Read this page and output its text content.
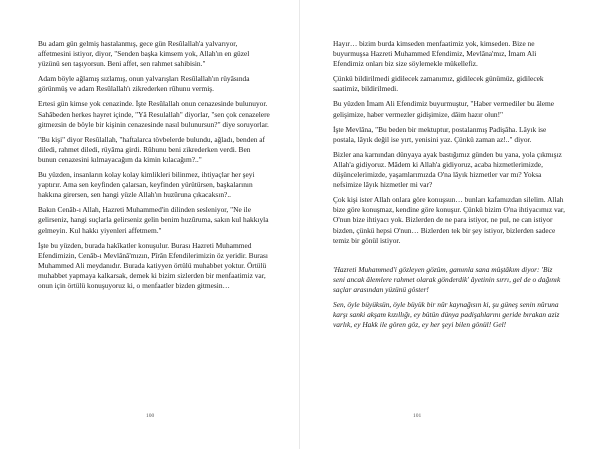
Bu adam gün gelmiş hastalanmış, gece gün Resûlallah'a yalvarıyor, affetmesini istiyor, diyor, "Senden başka kimsem yok, Allah'ın en güzel yüzünü sen taşıyorsun. Beni affet, sen rahmet sahibisin."

Adam böyle ağlamış sızlamış, onun yalvarışları Resûlallah'ın rüyâsında görünmüş ve adam Resûlallah'ı zikrederken rûhunu vermiş.

Ertesi gün kimse yok cenazinde. İşte Resûlallah onun cenazesinde bulunuyor. Sahâbeden herkes hayret içinde, "Yâ Resulallah" diyorlar, "sen çok cenazelere gitmezsin de böyle bir kişinin cenazesinde nasıl bulunursun?" diye soruyorlar.

"Bu kişi" diyor Resûlallah, "haftalarca tövbelerde bulundu, ağladı, benden af diledi, rahmet diledi, rüyâma girdi. Rûhunu beni zikrederken verdi. Ben bunun cenazesini kılmayacağım da kimin kılacağım?.."

Bu yüzden, insanların kolay kolay kimlikleri bilinmez, ihtiyaçlar her şeyi yaptırır. Ama sen keyfinden çalarsan, keyfinden yürütürsen, başkalarının hakkına girersen, sen hangi yüzle Allah'ın huzûruna çıkacaksın?..

Bakın Cenâb-ı Allah, Hazreti Muhammed'in dilinden sesleniyor, "Ne ile gelirseniz, hangi suçlarla gelirseniz gelin benim huzûruma, sakın kul hakkıyla gelmeyin. Kul hakkı yiyenleri affetmem."

İşte bu yüzden, burada hakîkatler konuşulur. Burası Hazreti Muhammed Efendimizin, Cenâb-ı Mevlânâ'mızın, Pîrân Efendilerimizin öz yeridir. Burası Muhammed Ali meydanıdır. Burada katiyyen örtülü muhabbet yoktur. Örtülü muhabbet yapmaya kalkarsak, demek ki bizim sizlerden bir menfaatimiz var, onun için örtülü konuşuyoruz ki, o menfaatler bizden gitmesin…

100

Hayır… bizim burda kimseden menfaatimiz yok, kimseden. Bize ne buyurmuşsa Hazreti Muhammed Efendimiz, Mevlâna'mız, İmam Ali Efendimiz onları biz size söylemekle mükellefiz.

Çünkü bildirilmedi gidilecek zamanımız, gidilecek günümüz, gidilecek saatimiz, bildirilmedi.

Bu yüzden İmam Ali Efendimiz buyurmuştur, "Haber vermediler bu âleme gelişimize, haber vermezler gidişimize, dâim hazır olun!"

İşte Mevlâna, "Bu beden bir mektuptur, postalanmış Padişâha. Lâyık ise postala, lâyık değil ise yırt, yenisini yaz. Çünkü zaman az!.." diyor.

Bizler ana karnından dünyaya ayak bastığımız günden bu yana, yola çıkmışız Allah'a gidiyoruz. Mâdem ki Allah'a gidiyoruz, acaba hizmetlerimizde, düşüncelerimizde, yaşamlarımızda O'na lâyık hizmetler var mı? Yoksa nefsimize lâyık hizmetler mi var?

Çok kişi ister Allah onlara göre konuşsun… bunları kafamızdan silelim. Allah bize göre konuşmaz, kendine göre konuşur. Çünkü bizim O'na ihtiyacımız var, O'nun bize ihtiyacı yok. Bizlerden de ne para istiyor, ne pul, ne can istiyor bizden, çünkü hepsi O'nun… Bizlerden tek bir şey istiyor, bizlerden sadece temiz bir gönül istiyor.

'Hazreti Muhammed'i gözleyen gözüm, gamınla sana müştâkım diyor: 'Biz seni ancak âlemlere rahmet olarak gönderdik' âyetinin sırrı, gel de o dağınık saçlar arasından yüzünü göster!

Sen, öyle büyüksün, öyle büyük bir nûr kaynağısın ki, şu güneş senin nûruna karşı sanki akşam kızıllığı, ey bütün dünya padişahlarını geride bırakan aziz varlık, ey Hakk ile gören göz, ey her şeyi bilen gönül! Gel!

101
